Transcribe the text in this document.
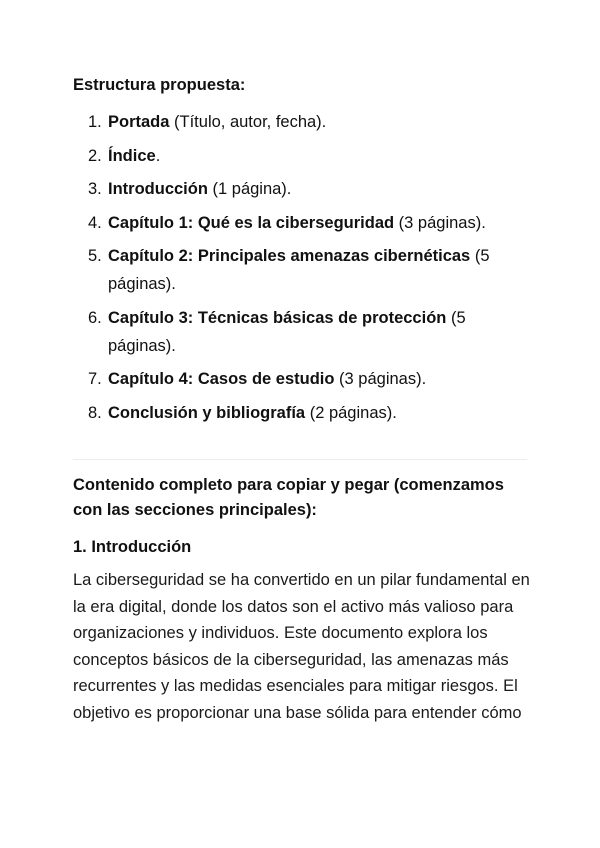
Estructura propuesta:
1. Portada (Título, autor, fecha).
2. Índice.
3. Introducción (1 página).
4. Capítulo 1: Qué es la ciberseguridad (3 páginas).
5. Capítulo 2: Principales amenazas cibernéticas (5 páginas).
6. Capítulo 3: Técnicas básicas de protección (5 páginas).
7. Capítulo 4: Casos de estudio (3 páginas).
8. Conclusión y bibliografía (2 páginas).
Contenido completo para copiar y pegar (comenzamos con las secciones principales):
1. Introducción

La ciberseguridad se ha convertido en un pilar fundamental en la era digital, donde los datos son el activo más valioso para organizaciones y individuos. Este documento explora los conceptos básicos de la ciberseguridad, las amenazas más recurrentes y las medidas esenciales para mitigar riesgos. El objetivo es proporcionar una base sólida para entender cómo
